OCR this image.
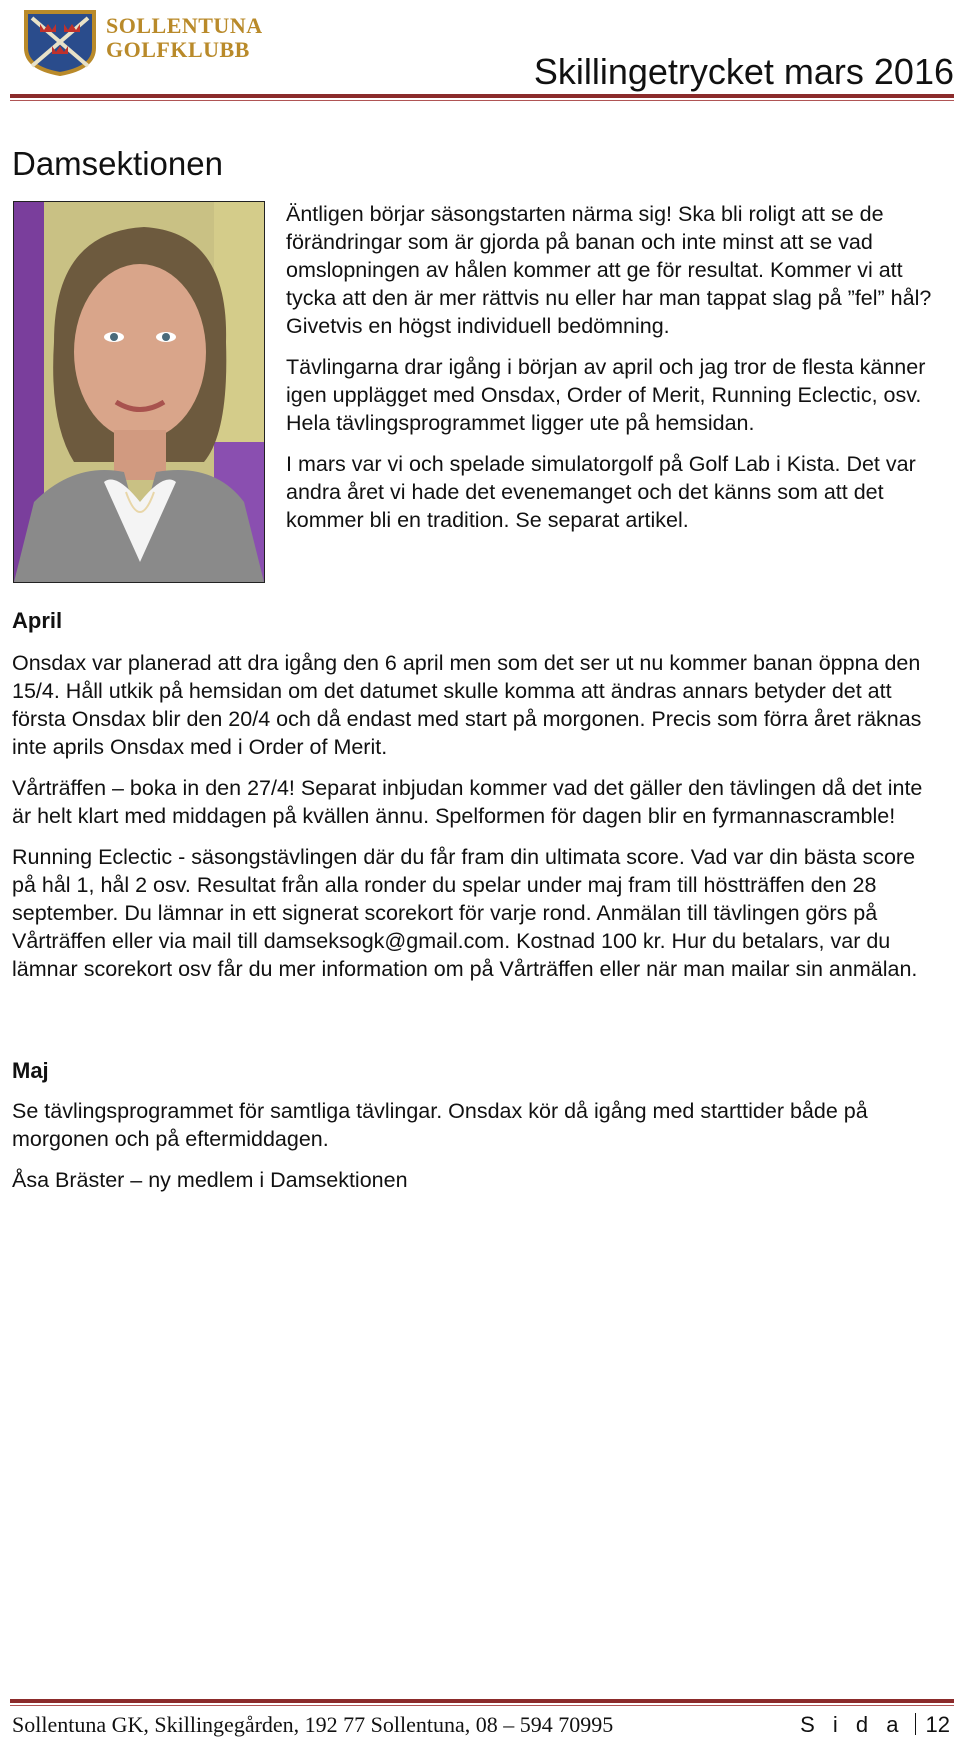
SOLLENTUNA
GOLFKLUBB
Skillingetrycket mars 2016
Damsektionen

Äntligen börjar säsongstarten närma sig! Ska bli roligt att se de förändringar som är gjorda på banan och inte minst att se vad omslopningen av hålen kommer att ge för resultat. Kommer vi att tycka att den är mer rättvis nu eller har man tappat slag på ”fel” hål? Givetvis en högst individuell bedömning.

Tävlingarna drar igång i början av april och jag tror de flesta känner igen upplägget med Onsdax, Order of Merit, Running Eclectic, osv. Hela tävlingsprogrammet ligger ute på hemsidan.

I mars var vi och spelade simulatorgolf på Golf Lab i Kista. Det var andra året vi hade det evenemanget och det känns som att det kommer bli en tradition. Se separat artikel.

April

Onsdax var planerad att dra igång den 6 april men som det ser ut nu kommer banan öppna den 15/4. Håll utkik på hemsidan om det datumet skulle komma att ändras annars betyder det att första Onsdax blir den 20/4 och då endast med start på morgonen. Precis som förra året räknas inte aprils Onsdax med i Order of Merit.

Vårträffen – boka in den 27/4! Separat inbjudan kommer vad det gäller den tävlingen då det inte är helt klart med middagen på kvällen ännu. Spelformen för dagen blir en fyrmannascramble!

Running Eclectic - säsongstävlingen där du får fram din ultimata score. Vad var din bästa score på hål 1, hål 2 osv. Resultat från alla ronder du spelar under maj fram till höstträffen den 28 september. Du lämnar in ett signerat scorekort för varje rond. Anmälan till tävlingen görs på Vårträffen eller via mail till damseksogk@gmail.com. Kostnad 100 kr. Hur du betalars, var du lämnar scorekort osv får du mer information om på Vårträffen eller när man mailar sin anmälan.

Maj

Se tävlingsprogrammet för samtliga tävlingar. Onsdax kör då igång med starttider både på morgonen och på eftermiddagen.

Åsa Bräster – ny medlem i Damsektionen

Sollentuna GK, Skillingegården, 192 77 Sollentuna, 08 – 594 70995	S i d a 12
